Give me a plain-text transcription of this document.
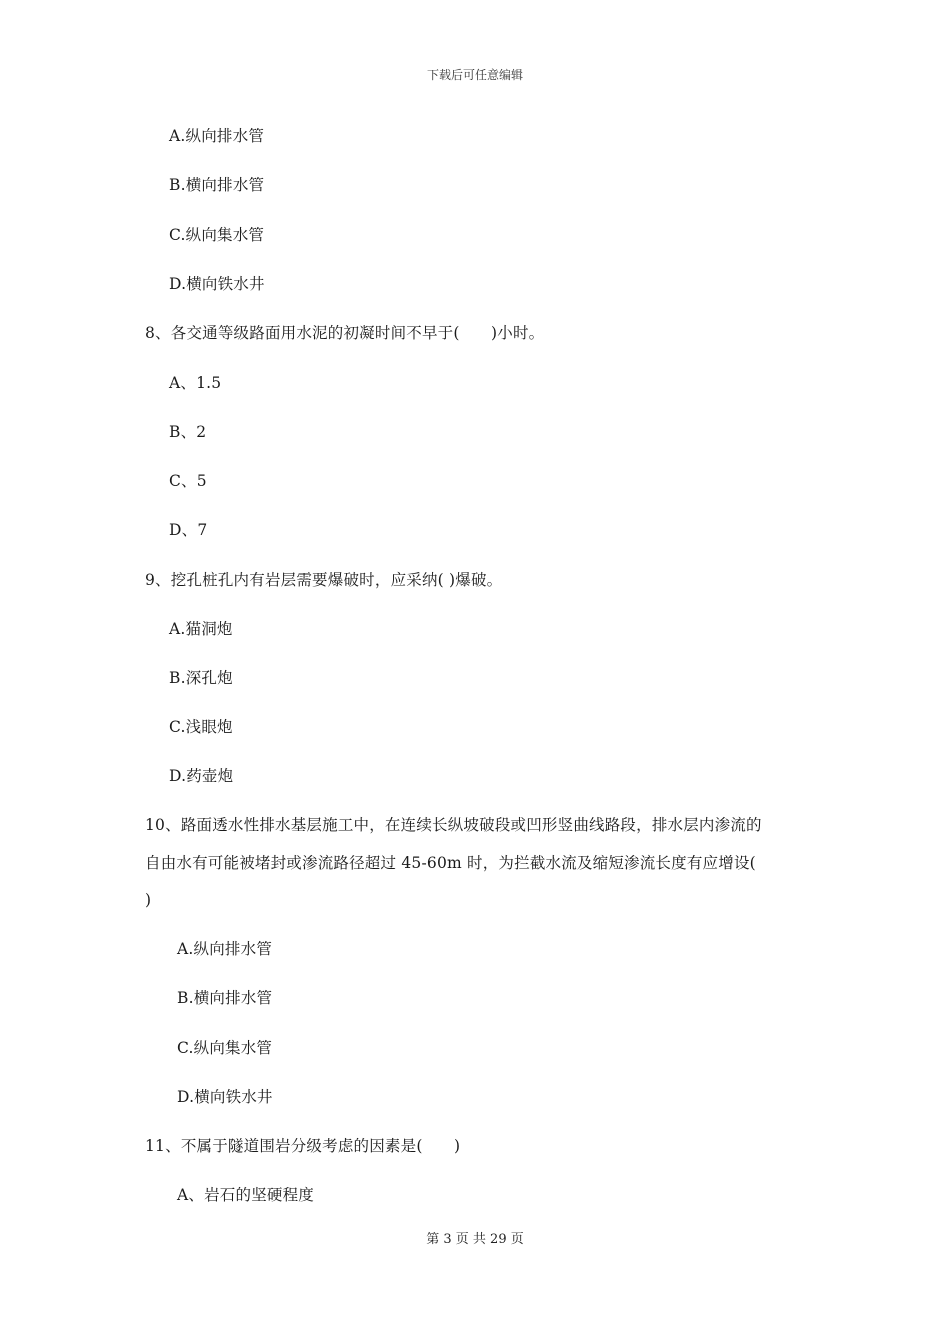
下载后可任意编辑
A.纵向排水管
B.横向排水管
C.纵向集水管
D.横向铁水井
8、各交通等级路面用水泥的初凝时间不早于(　　)小时。
A、1.5
B、2
C、5
D、7
9、挖孔桩孔内有岩层需要爆破时，应采纳( )爆破。
A.猫洞炮
B.深孔炮
C.浅眼炮
D.药壶炮
10、路面透水性排水基层施工中，在连续长纵坡破段或凹形竖曲线路段，排水层内渗流的
自由水有可能被堵封或渗流路径超过 45-60m 时，为拦截水流及缩短渗流长度有应增设(
)
A.纵向排水管
B.横向排水管
C.纵向集水管
D.横向铁水井
11、不属于隧道围岩分级考虑的因素是(　　)
A、岩石的坚硬程度
第 3 页 共 29 页
